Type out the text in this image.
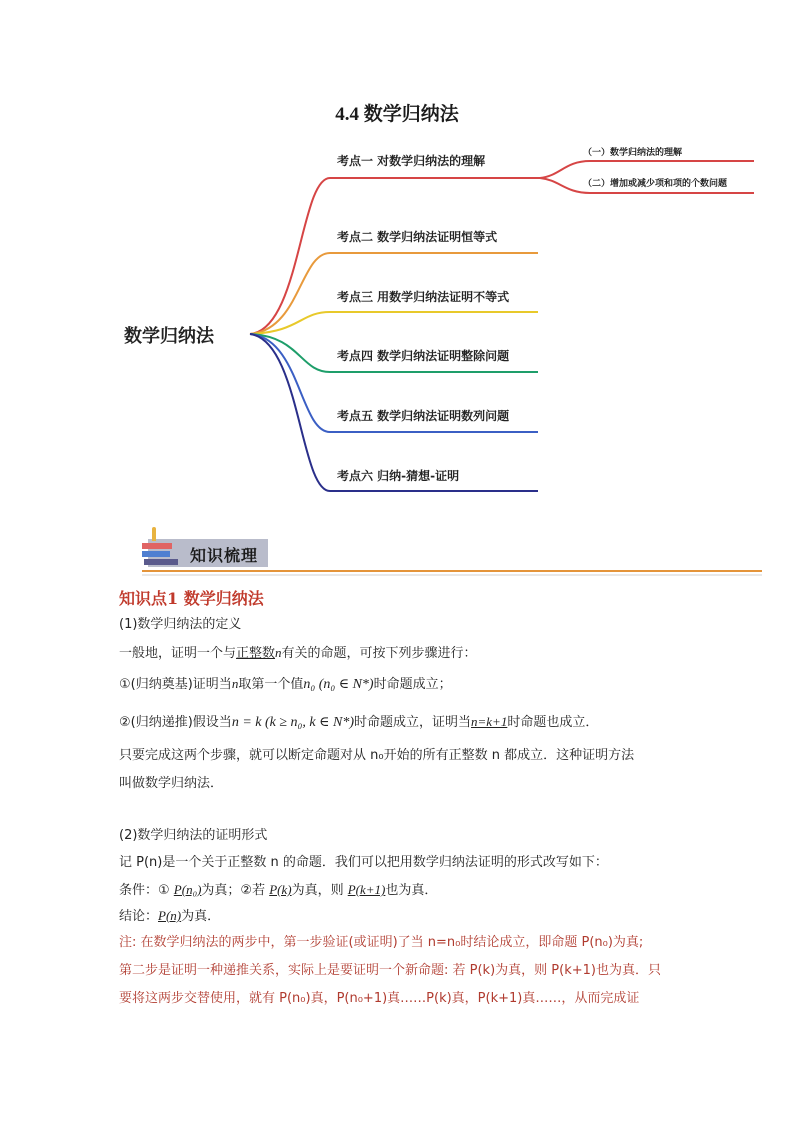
4.4 数学归纳法
数学归纳法
考点一 对数学归纳法的理解
考点二 数学归纳法证明恒等式
考点三 用数学归纳法证明不等式
考点四 数学归纳法证明整除问题
考点五 数学归纳法证明数列问题
考点六 归纳-猜想-证明
（一）数学归纳法的理解
（二）增加或减少项和项的个数问题
知识梳理
知识点1 数学归纳法
(1)数学归纳法的定义
一般地，证明一个与正整数n有关的命题，可按下列步骤进行：
①(归纳奠基)证明当n取第一个值n₀ (n₀ ∈ N*)时命题成立；
②(归纳递推)假设当n = k (k ≥ n₀, k ∈ N*)时命题成立，证明当n=k+1时命题也成立．
只要完成这两个步骤，就可以断定命题对从 n₀开始的所有正整数 n 都成立．这种证明方法
叫做数学归纳法．
(2)数学归纳法的证明形式
记 P(n)是一个关于正整数 n 的命题．我们可以把用数学归纳法证明的形式改写如下：
条件：① P(n₀)为真；②若 P(k)为真，则 P(k+1)也为真．
结论：P(n)为真．
注: 在数学归纳法的两步中，第一步验证(或证明)了当 n=n₀时结论成立，即命题 P(n₀)为真;
第二步是证明一种递推关系，实际上是要证明一个新命题: 若 P(k)为真，则 P(k+1)也为真．只
要将这两步交替使用，就有 P(n₀)真，P(n₀+1)真……P(k)真，P(k+1)真……，从而完成证
